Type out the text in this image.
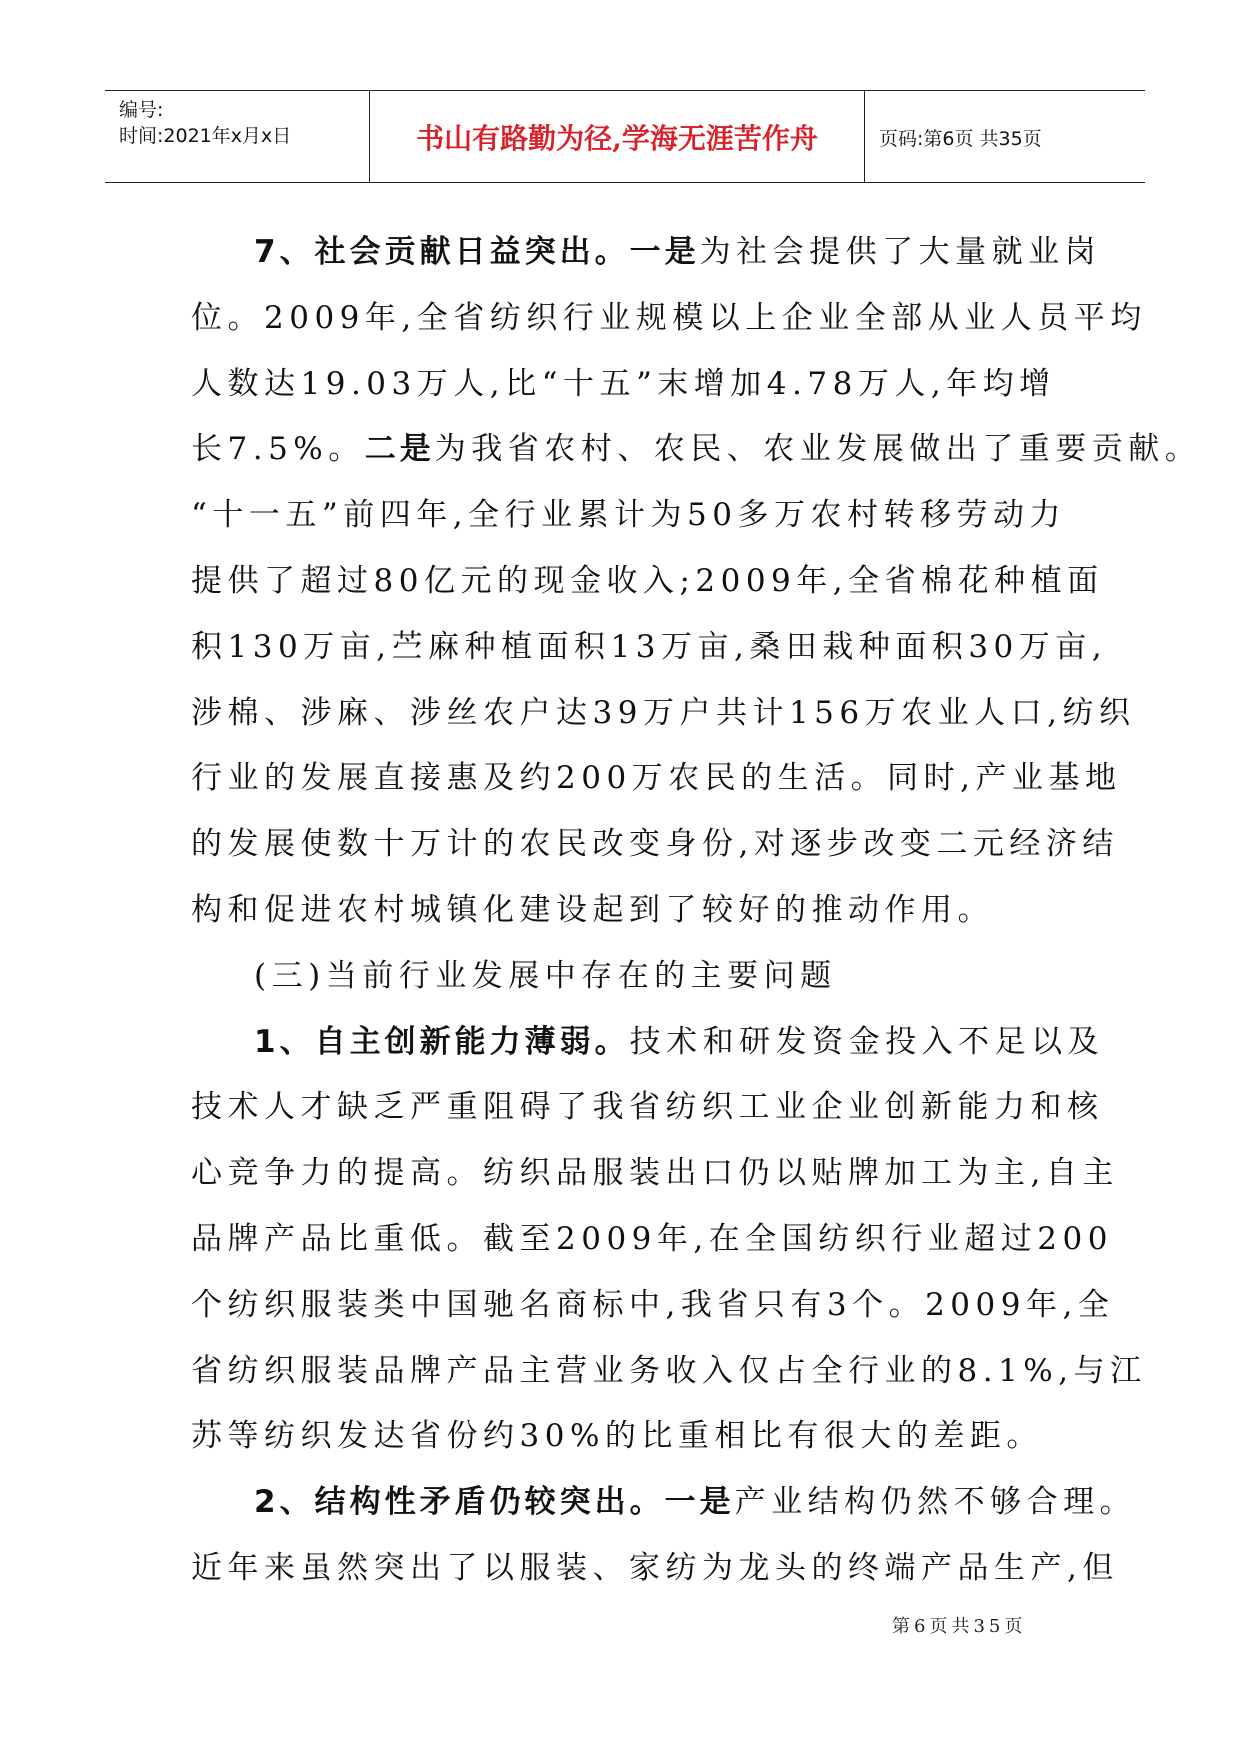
编号:
时间:2021年x月x日	书山有路勤为径,学海无涯苦作舟	页码:第6页 共35页
7、社会贡献日益突出。一是为社会提供了大量就业岗
位。2009年,全省纺织行业规模以上企业全部从业人员平均
人数达19.03万人,比“十五”末增加4.78万人,年均增
长7.5%。二是为我省农村、农民、农业发展做出了重要贡献。
“十一五”前四年,全行业累计为50多万农村转移劳动力
提供了超过80亿元的现金收入;2009年,全省棉花种植面
积130万亩,苎麻种植面积13万亩,桑田栽种面积30万亩,
涉棉、涉麻、涉丝农户达39万户共计156万农业人口,纺织
行业的发展直接惠及约200万农民的生活。同时,产业基地
的发展使数十万计的农民改变身份,对逐步改变二元经济结
构和促进农村城镇化建设起到了较好的推动作用。
(三)当前行业发展中存在的主要问题
1、自主创新能力薄弱。技术和研发资金投入不足以及
技术人才缺乏严重阻碍了我省纺织工业企业创新能力和核
心竞争力的提高。纺织品服装出口仍以贴牌加工为主,自主
品牌产品比重低。截至2009年,在全国纺织行业超过200
个纺织服装类中国驰名商标中,我省只有3个。2009年,全
省纺织服装品牌产品主营业务收入仅占全行业的8.1%,与江
苏等纺织发达省份约30%的比重相比有很大的差距。
2、结构性矛盾仍较突出。一是产业结构仍然不够合理。
近年来虽然突出了以服装、家纺为龙头的终端产品生产,但
第6页共35页
